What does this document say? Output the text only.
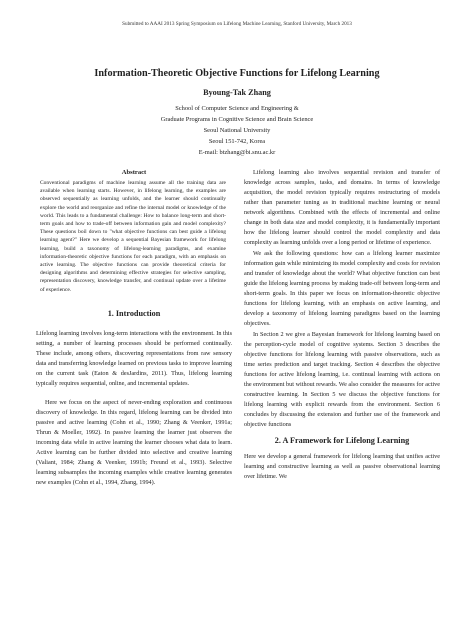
Submitted to AAAI 2013 Spring Symposium on Lifelong Machine Learning, Stanford University, March 2013
Information-Theoretic Objective Functions for Lifelong Learning
Byoung-Tak Zhang
School of Computer Science and Engineering &
Graduate Programs in Cognitive Science and Brain Science
Seoul National University
Seoul 151-742, Korea
E-mail: btzhang@bi.snu.ac.kr
Abstract
Conventional paradigms of machine learning assume all the training data are available when learning starts. However, in lifelong learning, the examples are observed sequentially as learning unfolds, and the learner should continually explore the world and reorganize and refine the internal model or knowledge of the world. This leads to a fundamental challenge: How to balance long-term and short-term goals and how to trade-off between information gain and model complexity? These questions boil down to "what objective functions can best guide a lifelong learning agent?" Here we develop a sequential Bayesian framework for lifelong learning, build a taxonomy of lifelong-learning paradigms, and examine information-theoretic objective functions for each paradigm, with an emphasis on active learning. The objective functions can provide theoretical criteria for designing algorithms and determining effective strategies for selective sampling, representation discovery, knowledge transfer, and continual update over a lifetime of experience.
1. Introduction

Lifelong learning involves long-term interactions with the environment. In this setting, a number of learning processes should be performed continually. These include, among others, discovering representations from raw sensory data and transferring knowledge learned on previous tasks to improve learning on the current task (Eaton & desJardins, 2011). Thus, lifelong learning typically requires sequential, online, and incremental updates.

Here we focus on the aspect of never-ending exploration and continuous discovery of knowledge. In this regard, lifelong learning can be divided into passive and active learning (Cohn et al., 1990; Zhang & Veenker, 1991a; Thrun & Moeller, 1992). In passive learning the learner just observes the incoming data while in active learning the learner chooses what data to learn. Active learning can be further divided into selective and creative learning (Valiant, 1984; Zhang & Veenker, 1991b; Freund et al., 1993). Selective learning subsamples the incoming examples while creative learning generates new examples (Cohn et al., 1994, Zhang, 1994).

Lifelong learning also involves sequential revision and transfer of knowledge across samples, tasks, and domains. In terms of knowledge acquisition, the model revision typically requires restructuring of models rather than parameter tuning as in traditional machine learning or neural network algorithms. Combined with the effects of incremental and online change in both data size and model complexity, it is fundamentally important how the lifelong learner should control the model complexity and data complexity as learning unfolds over a long period or lifetime of experience.

We ask the following questions: how can a lifelong learner maximize information gain while minimizing its model complexity and costs for revision and transfer of knowledge about the world? What objective function can best guide the lifelong learning process by making trade-off between long-term and short-term goals. In this paper we focus on information-theoretic objective functions for lifelong learning, with an emphasis on active learning, and develop a taxonomy of lifelong learning paradigms based on the learning objectives.

In Section 2 we give a Bayesian framework for lifelong learning based on the perception-cycle model of cognitive systems. Section 3 describes the objective functions for lifelong learning with passive observations, such as time series prediction and target tracking. Section 4 describes the objective functions for active lifelong learning, i.e. continual learning with actions on the environment but without rewards. We also consider the measures for active constructive learning. In Section 5 we discuss the objective functions for lifelong learning with explicit rewards from the environment. Section 6 concludes by discussing the extension and further use of the framework and objective functions

2. A Framework for Lifelong Learning

Here we develop a general framework for lifelong learning that unifies active learning and constructive learning as well as passive observational learning over lifetime. We
